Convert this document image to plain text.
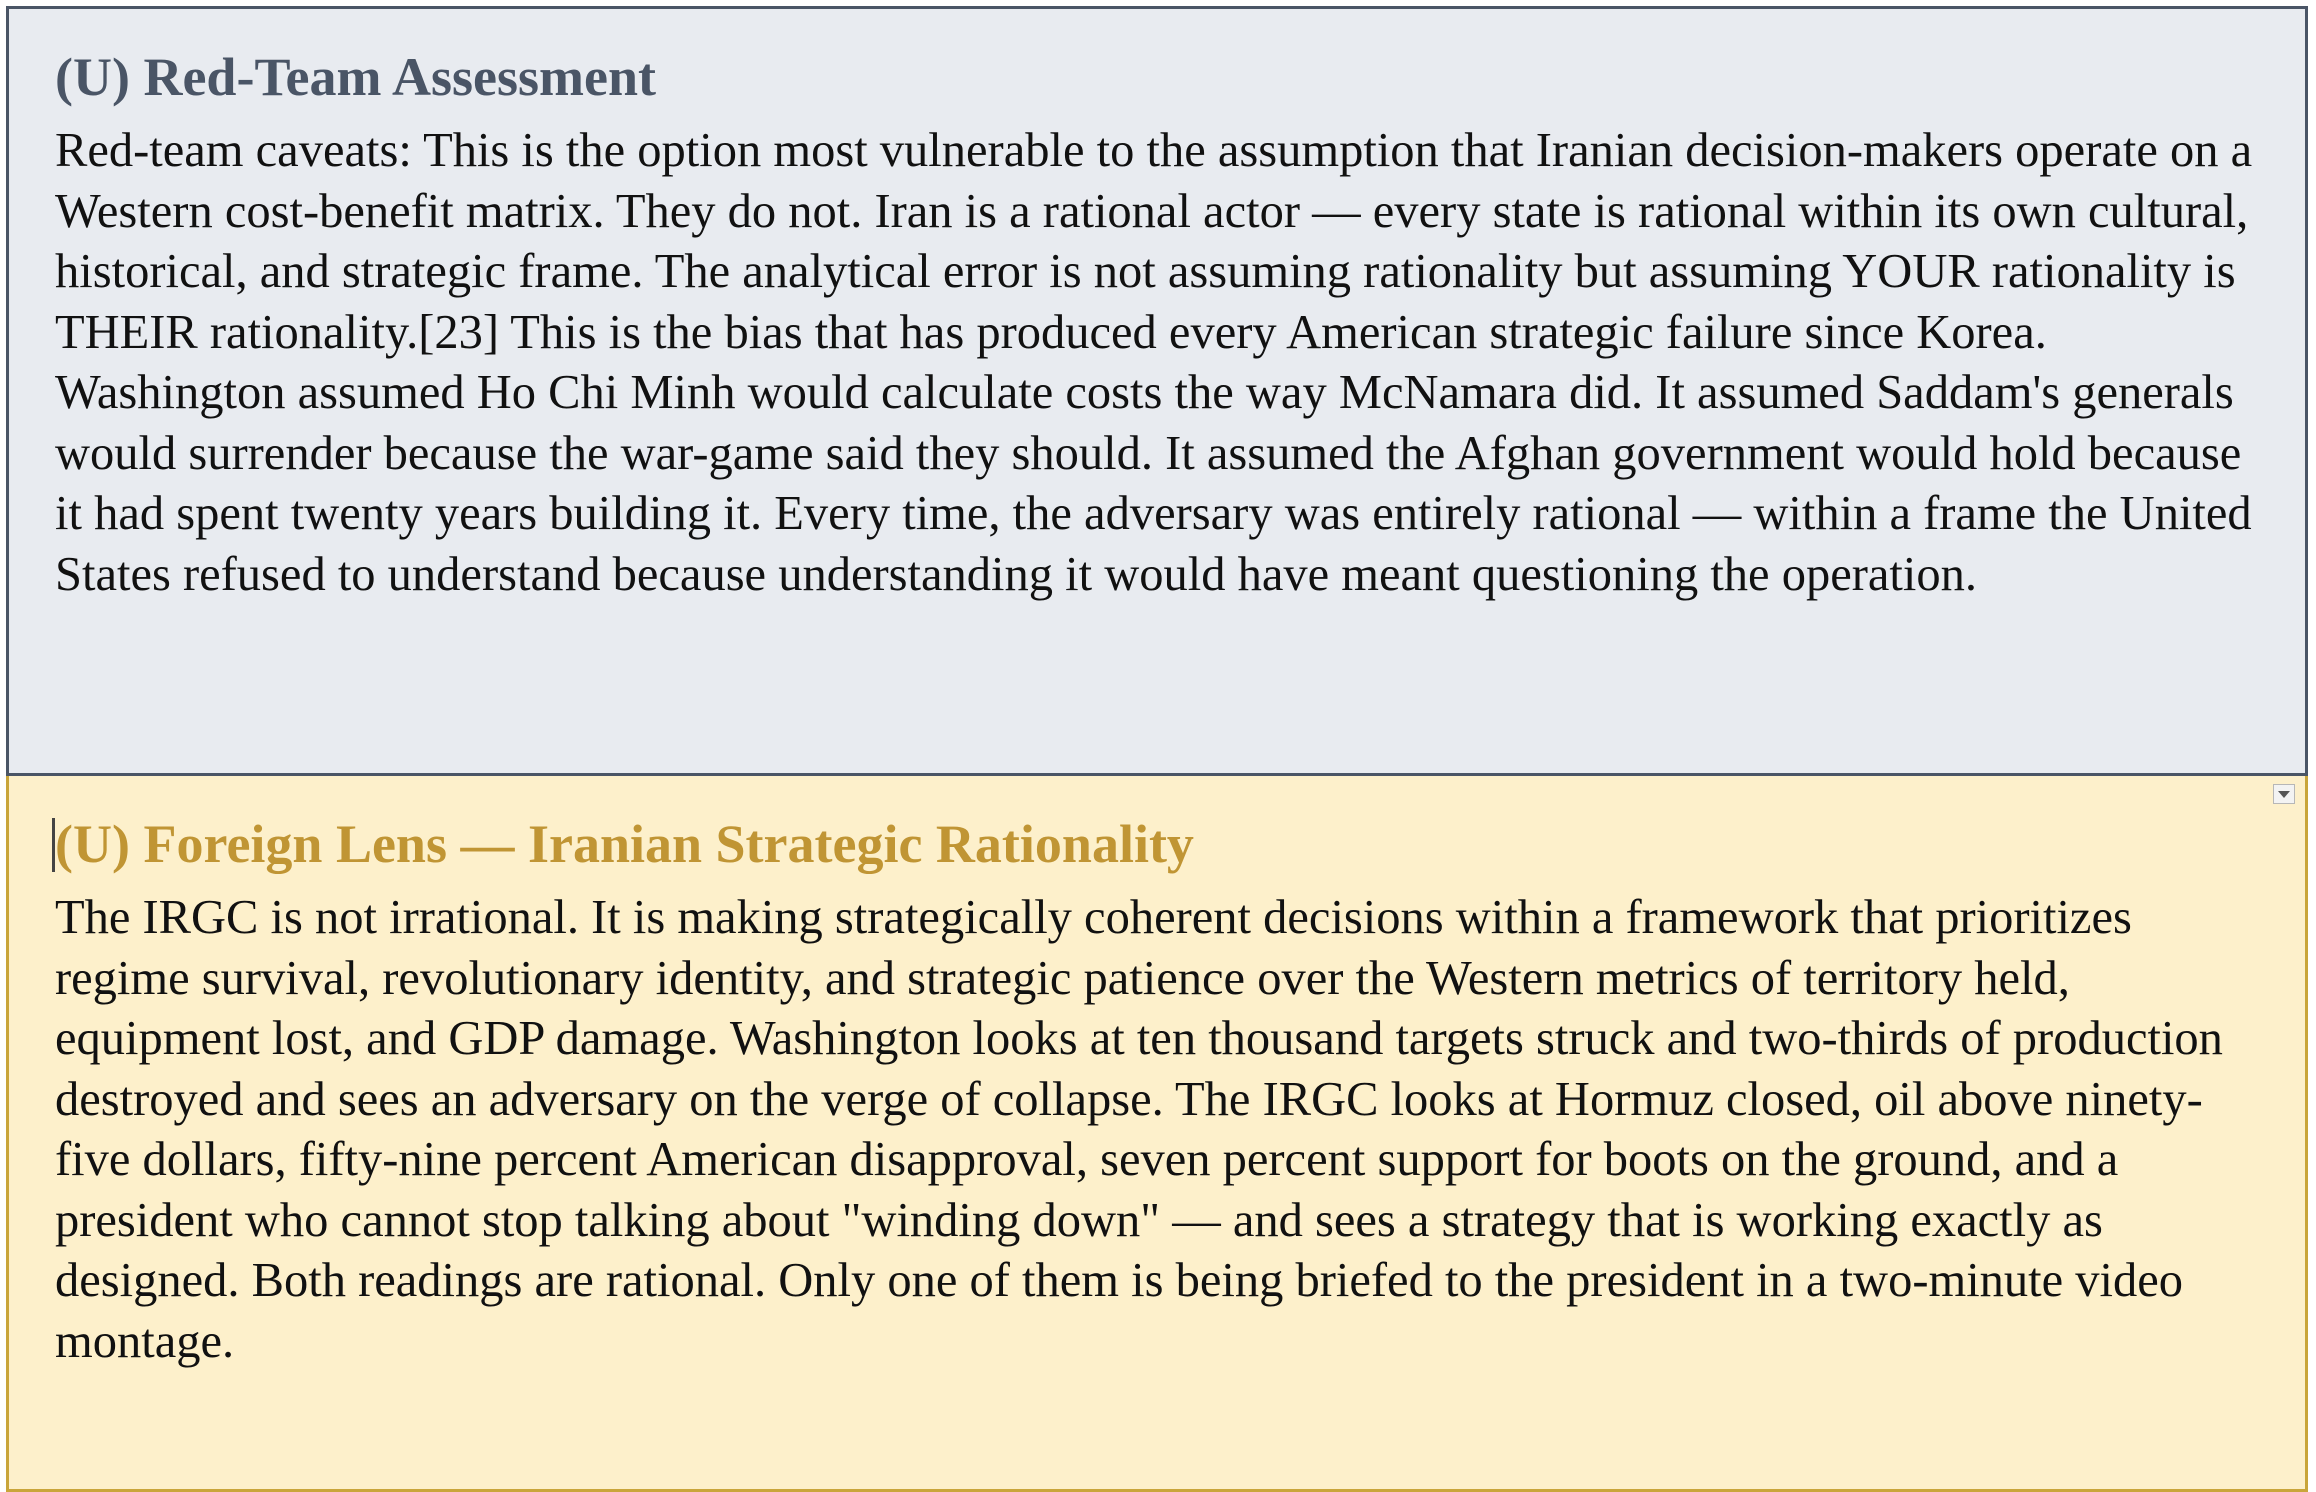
(U) Red-Team Assessment

Red-team caveats: This is the option most vulnerable to the assumption that Iranian decision-makers operate on a Western cost-benefit matrix. They do not. Iran is a rational actor — every state is rational within its own cultural, historical, and strategic frame. The analytical error is not assuming rationality but assuming YOUR rationality is THEIR rationality.[23] This is the bias that has produced every American strategic failure since Korea. Washington assumed Ho Chi Minh would calculate costs the way McNamara did. It assumed Saddam's generals would surrender because the war-game said they should. It assumed the Afghan government would hold because it had spent twenty years building it. Every time, the adversary was entirely rational — within a frame the United States refused to understand because understanding it would have meant questioning the operation.

(U) Foreign Lens — Iranian Strategic Rationality

The IRGC is not irrational. It is making strategically coherent decisions within a framework that prioritizes regime survival, revolutionary identity, and strategic patience over the Western metrics of territory held, equipment lost, and GDP damage. Washington looks at ten thousand targets struck and two-thirds of production destroyed and sees an adversary on the verge of collapse. The IRGC looks at Hormuz closed, oil above ninety-five dollars, fifty-nine percent American disapproval, seven percent support for boots on the ground, and a president who cannot stop talking about "winding down" — and sees a strategy that is working exactly as designed. Both readings are rational. Only one of them is being briefed to the president in a two-minute video montage.
